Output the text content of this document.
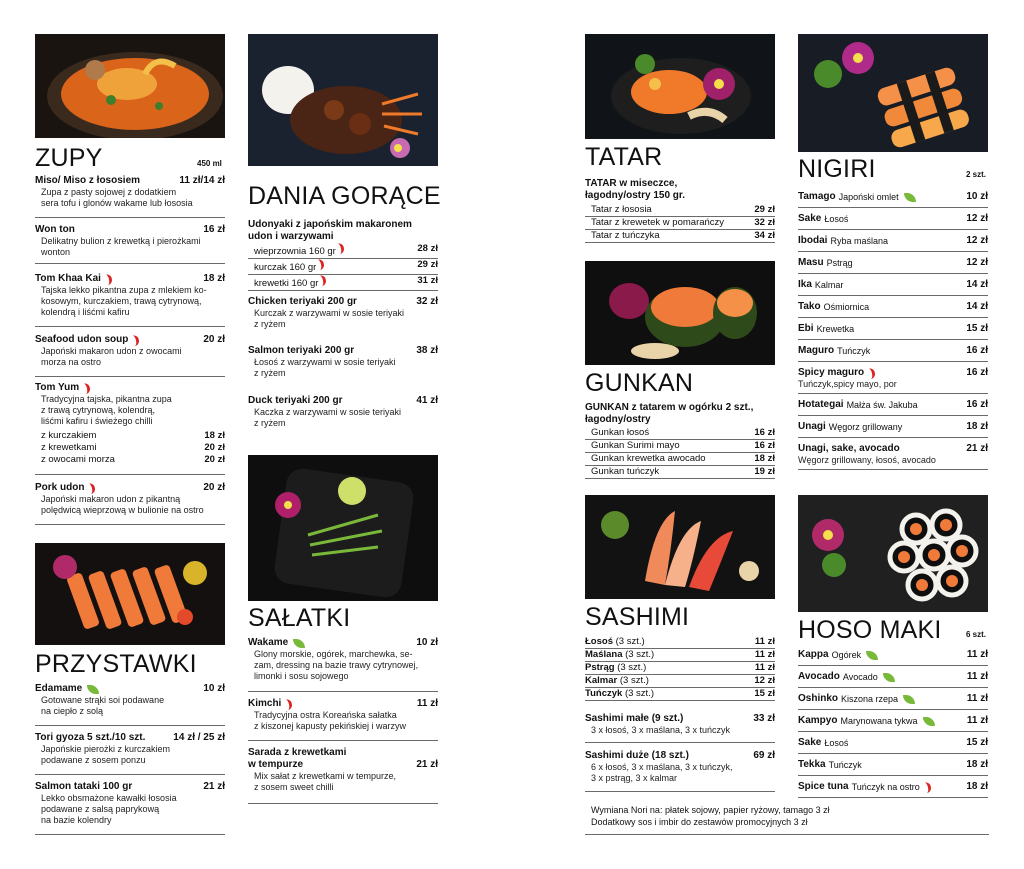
ZUPY	450 ml
Miso/ Miso z łososiem	11 zł/14 zł
Zupa z pasty sojowej z dodatkiem
sera tofu i glonów wakame lub łososia
Won ton	16 zł
Delikatny bulion z krewetką i pierożkami
wonton
Tom Khaa Kai	18 zł
Tajska lekko pikantna zupa z mlekiem ko-
kosowym, kurczakiem, trawą cytrynową,
kolendrą i liśćmi kafiru
Seafood udon soup	20 zł
Japoński makaron udon z owocami
morza na ostro
Tom Yum
Tradycyjna tajska, pikantna zupa
z trawą cytrynową, kolendrą,
liśćmi kafiru i świeżego chilli
z kurczakiem	18 zł
z krewetkami	20 zł
z owocami morza	20 zł
Pork udon	20 zł
Japoński makaron udon z pikantną
polędwicą wieprzową w bulionie na ostro
PRZYSTAWKI
Edamame	10 zł
Gotowane strąki soi podawane
na ciepło z solą
Tori gyoza 5 szt./10 szt.	14 zł / 25 zł
Japońskie pierożki z kurczakiem
podawane z sosem ponzu
Salmon tataki 100 gr	21 zł
Lekko obsmażone kawałki łososia
podawane z salsą paprykową
na bazie kolendry
DANIA GORĄCE
Udonyaki z japońskim makaronem
udon i warzywami
wieprzownia 160 gr	28 zł
kurczak 160 gr	29 zł
krewetki 160 gr	31 zł
Chicken teriyaki 200 gr	32 zł
Kurczak z warzywami w sosie teriyaki
z ryżem
Salmon teriyaki 200 gr	38 zł
Łosoś z warzywami w sosie teriyaki
z ryżem
Duck teriyaki 200 gr	41 zł
Kaczka z warzywami w sosie teriyaki
z ryżem
SAŁATKI
Wakame	10 zł
Glony morskie, ogórek, marchewka, se-
zam, dressing na bazie trawy cytrynowej,
limonki i sosu sojowego
Kimchi	11 zł
Tradycyjna ostra Koreańska sałatka
z kiszonej kapusty pekińskiej i warzyw
Sarada z krewetkami
w tempurze	21 zł
Mix sałat z krewetkami w tempurze,
z sosem sweet chilli
TATAR
TATAR w miseczce,
łagodny/ostry 150 gr.
Tatar z łososia	29 zł
Tatar z krewetek w pomarańczy	32 zł
Tatar z tuńczyka	34 zł
GUNKAN
GUNKAN z tatarem w ogórku 2 szt.,
łagodny/ostry
Gunkan łosoś	16 zł
Gunkan Surimi mayo	16 zł
Gunkan krewetka awocado	18 zł
Gunkan tuńczyk	19 zł
SASHIMI
Łosoś (3 szt.)	11 zł
Maślana (3 szt.)	11 zł
Pstrąg (3 szt.)	11 zł
Kalmar (3 szt.)	12 zł
Tuńczyk (3 szt.)	15 zł
Sashimi małe (9 szt.)	33 zł
3 x łosoś, 3 x maślana, 3 x tuńczyk
Sashimi duże (18 szt.)	69 zł
6 x łosoś, 3 x maślana, 3 x tuńczyk,
3 x pstrąg, 3 x kalmar
Wymiana Nori na: płatek sojowy, papier ryżowy, tamago 3 zł
Dodatkowy sos i imbir do zestawów promocyjnych 3 zł
NIGIRI	2 szt.
Tamago Japoński omlet	10 zł
Sake Łosoś	12 zł
Ibodai Ryba maślana	12 zł
Masu Pstrąg	12 zł
Ika Kalmar	14 zł
Tako Ośmiornica	14 zł
Ebi Krewetka	15 zł
Maguro Tuńczyk	16 zł
Spicy maguro	16 zł
Tuńczyk,spicy mayo, por
Hotategai Małża św. Jakuba	16 zł
Unagi Węgorz grillowany	18 zł
Unagi, sake, avocado	21 zł
Węgorz grillowany, łosoś, avocado
HOSO MAKI	6 szt.
Kappa Ogórek	11 zł
Avocado Avocado	11 zł
Oshinko Kiszona rzepa	11 zł
Kampyo Marynowana tykwa	11 zł
Sake Łosoś	15 zł
Tekka Tuńczyk	18 zł
Spice tuna Tuńczyk na ostro	18 zł
